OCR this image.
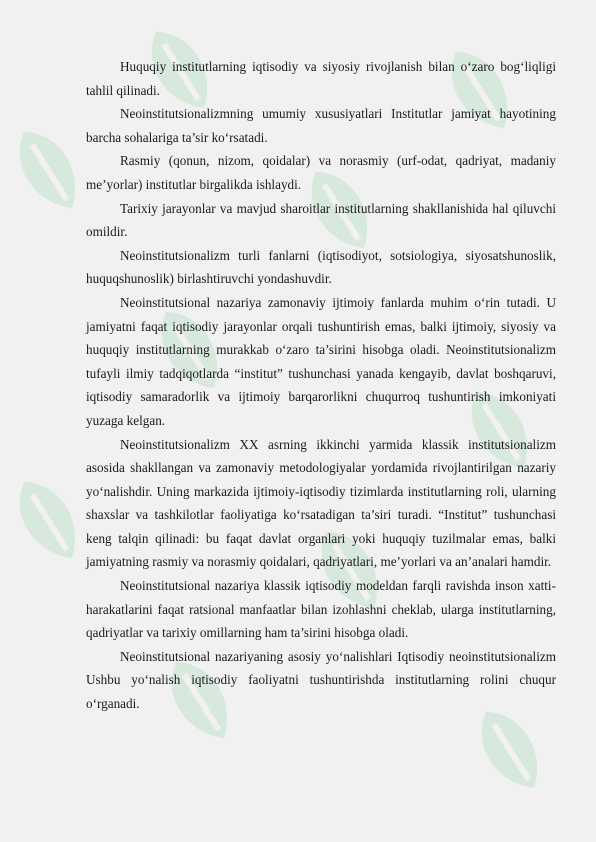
Huquqiy institutlarning iqtisodiy va siyosiy rivojlanish bilan o‘zaro bog‘liqligi tahlil qilinadi.

Neoinstitutsionalizmning umumiy xususiyatlari Institutlar jamiyat hayotining barcha sohalariga ta’sir ko‘rsatadi.

Rasmiy (qonun, nizom, qoidalar) va norasmiy (urf-odat, qadriyat, madaniy me’yorlar) institutlar birgalikda ishlaydi.

Tarixiy jarayonlar va mavjud sharoitlar institutlarning shakllanishida hal qiluvchi omildir.

Neoinstitutsionalizm turli fanlarni (iqtisodiyot, sotsiologiya, siyosatshunoslik, huquqshunoslik) birlashtiruvchi yondashuvdir.

Neoinstitutsional nazariya zamonaviy ijtimoiy fanlarda muhim o‘rin tutadi. U jamiyatni faqat iqtisodiy jarayonlar orqali tushuntirish emas, balki ijtimoiy, siyosiy va huquqiy institutlarning murakkab o‘zaro ta’sirini hisobga oladi. Neoinstitutsionalizm tufayli ilmiy tadqiqotlarda “institut” tushunchasi yanada kengayib, davlat boshqaruvi, iqtisodiy samaradorlik va ijtimoiy barqarorlikni chuqurroq tushuntirish imkoniyati yuzaga kelgan.

Neoinstitutsionalizm XX asrning ikkinchi yarmida klassik institutsionalizm asosida shakllangan va zamonaviy metodologiyalar yordamida rivojlantirilgan nazariy yo‘nalishdir. Uning markazida ijtimoiy-iqtisodiy tizimlarda institutlarning roli, ularning shaxslar va tashkilotlar faoliyatiga ko‘rsatadigan ta’siri turadi. “Institut” tushunchasi keng talqin qilinadi: bu faqat davlat organlari yoki huquqiy tuzilmalar emas, balki jamiyatning rasmiy va norasmiy qoidalari, qadriyatlari, me’yorlari va an’analari hamdir.

Neoinstitutsional nazariya klassik iqtisodiy modeldan farqli ravishda inson xatti-harakatlarini faqat ratsional manfaatlar bilan izohlashni cheklab, ularga institutlarning, qadriyatlar va tarixiy omillarning ham ta’sirini hisobga oladi.

Neoinstitutsional nazariyaning asosiy yo‘nalishlari Iqtisodiy neoinstitutsionalizm Ushbu yo‘nalish iqtisodiy faoliyatni tushuntirishda institutlarning rolini chuqur o‘rganadi.
